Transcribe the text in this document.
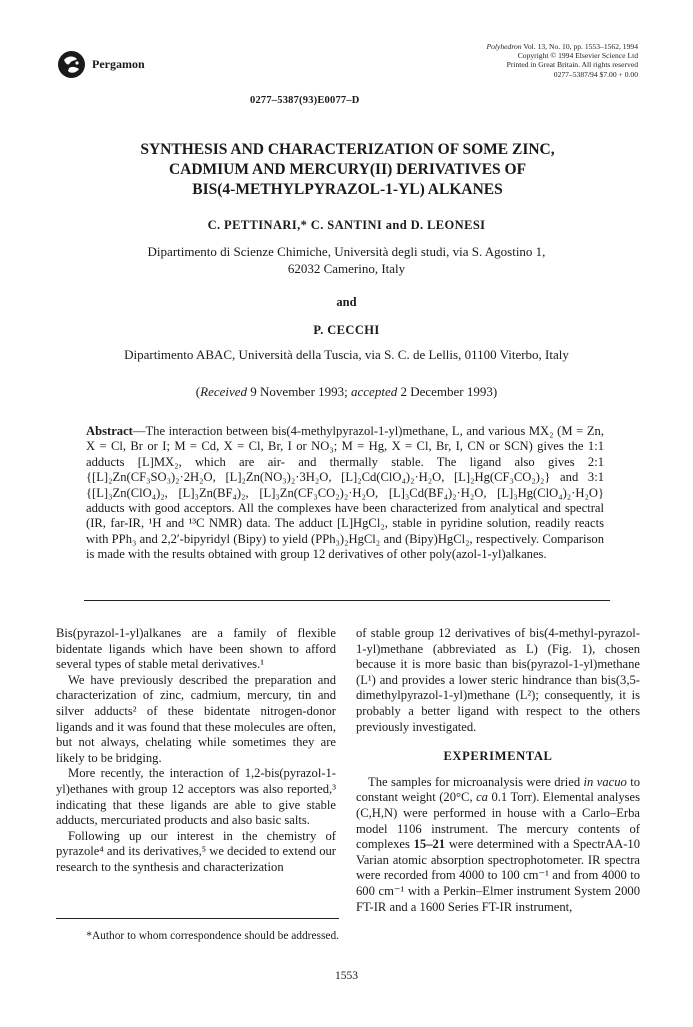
Pergamon
Polyhedron Vol. 13, No. 10, pp. 1553–1562, 1994
Copyright © 1994 Elsevier Science Ltd
Printed in Great Britain. All rights reserved
0277–5387/94 $7.00 + 0.00
0277–5387(93)E0077–D
SYNTHESIS AND CHARACTERIZATION OF SOME ZINC,
CADMIUM AND MERCURY(II) DERIVATIVES OF
BIS(4-METHYLPYRAZOL-1-YL) ALKANES
C. PETTINARI,* C. SANTINI and D. LEONESI
Dipartimento di Scienze Chimiche, Università degli studi, via S. Agostino 1,
62032 Camerino, Italy
and
P. CECCHI
Dipartimento ABAC, Università della Tuscia, via S. C. de Lellis, 01100 Viterbo, Italy
(Received 9 November 1993; accepted 2 December 1993)
Abstract—The interaction between bis(4-methylpyrazol-1-yl)methane, L, and various MX₂ (M = Zn, X = Cl, Br or I; M = Cd, X = Cl, Br, I or NO₃; M = Hg, X = Cl, Br, I, CN or SCN) gives the 1:1 adducts [L]MX₂, which are air- and thermally stable. The ligand also gives 2:1 {[L]₂Zn(CF₃SO₃)₂·2H₂O, [L]₂Zn(NO₃)₂·3H₂O, [L]₂Cd(ClO₄)₂·H₂O, [L]₂Hg(CF₃CO₂)₂} and 3:1 {[L]₃Zn(ClO₄)₂, [L]₃Zn(BF₄)₂, [L]₃Zn(CF₃CO₂)₂·H₂O, [L]₃Cd(BF₄)₂·H₂O, [L]₃Hg(ClO₄)₂·H₂O} adducts with good acceptors. All the complexes have been characterized from analytical and spectral (IR, far-IR, ¹H and ¹³C NMR) data. The adduct [L]HgCl₂, stable in pyridine solution, readily reacts with PPh₃ and 2,2′-bipyridyl (Bipy) to yield (PPh₃)₂HgCl₂ and (Bipy)HgCl₂, respectively. Comparison is made with the results obtained with group 12 derivatives of other poly(azol-1-yl)alkanes.

Bis(pyrazol-1-yl)alkanes are a family of flexible bidentate ligands which have been shown to afford several types of stable metal derivatives.¹

We have previously described the preparation and characterization of zinc, cadmium, mercury, tin and silver adducts² of these bidentate nitrogen-donor ligands and it was found that these molecules are often, but not always, chelating while sometimes they are likely to be bridging.

More recently, the interaction of 1,2-bis(pyrazol-1-yl)ethanes with group 12 acceptors was also reported,³ indicating that these ligands are able to give stable adducts, mercuriated products and also basic salts.

Following up our interest in the chemistry of pyrazole⁴ and its derivatives,⁵ we decided to extend our research to the synthesis and characterization

of stable group 12 derivatives of bis(4-methyl-pyrazol-1-yl)methane (abbreviated as L) (Fig. 1), chosen because it is more basic than bis(pyrazol-1-yl)methane (L¹) and provides a lower steric hindrance than bis(3,5-dimethylpyrazol-1-yl)methane (L²); consequently, it is probably a better ligand with respect to the others previously investigated.

EXPERIMENTAL

The samples for microanalysis were dried in vacuo to constant weight (20°C, ca 0.1 Torr). Elemental analyses (C,H,N) were performed in house with a Carlo–Erba model 1106 instrument. The mercury contents of complexes 15–21 were determined with a SpectrAA-10 Varian atomic absorption spectrophotometer. IR spectra were recorded from 4000 to 100 cm⁻¹ and from 4000 to 600 cm⁻¹ with a Perkin–Elmer instrument System 2000 FT-IR and a 1600 Series FT-IR instrument,

*Author to whom correspondence should be addressed.
1553
